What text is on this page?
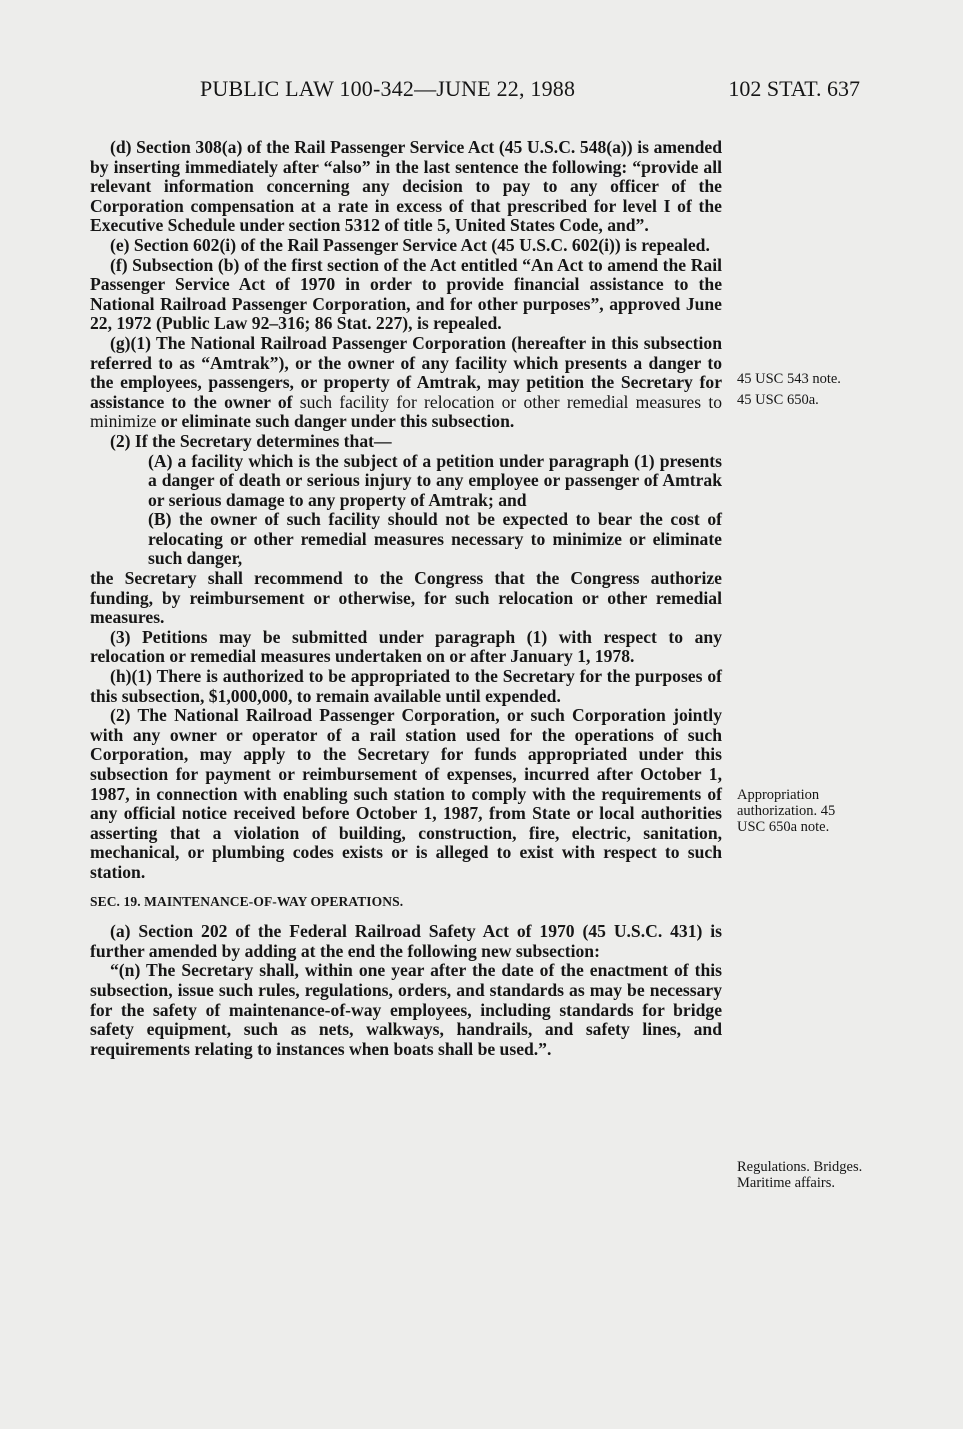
PUBLIC LAW 100-342—JUNE 22, 1988	102 STAT. 637

(d) Section 308(a) of the Rail Passenger Service Act (45 U.S.C. 548(a)) is amended by inserting immediately after “also” in the last sentence the following: “provide all relevant information concerning any decision to pay to any officer of the Corporation compensation at a rate in excess of that prescribed for level I of the Executive Schedule under section 5312 of title 5, United States Code, and”.

(e) Section 602(i) of the Rail Passenger Service Act (45 U.S.C. 602(i)) is repealed.

(f) Subsection (b) of the first section of the Act entitled “An Act to amend the Rail Passenger Service Act of 1970 in order to provide financial assistance to the National Railroad Passenger Corporation, and for other purposes”, approved June 22, 1972 (Public Law 92–316; 86 Stat. 227), is repealed.

(g)(1) The National Railroad Passenger Corporation (hereafter in this subsection referred to as “Amtrak”), or the owner of any facility which presents a danger to the employees, passengers, or property of Amtrak, may petition the Secretary for assistance to the owner of such facility for relocation or other remedial measures to minimize or eliminate such danger under this subsection.

(2) If the Secretary determines that—

(A) a facility which is the subject of a petition under paragraph (1) presents a danger of death or serious injury to any employee or passenger of Amtrak or serious damage to any property of Amtrak; and

(B) the owner of such facility should not be expected to bear the cost of relocating or other remedial measures necessary to minimize or eliminate such danger,

the Secretary shall recommend to the Congress that the Congress authorize funding, by reimbursement or otherwise, for such relocation or other remedial measures.

(3) Petitions may be submitted under paragraph (1) with respect to any relocation or remedial measures undertaken on or after January 1, 1978.

(h)(1) There is authorized to be appropriated to the Secretary for the purposes of this subsection, $1,000,000, to remain available until expended.

(2) The National Railroad Passenger Corporation, or such Corporation jointly with any owner or operator of a rail station used for the operations of such Corporation, may apply to the Secretary for funds appropriated under this subsection for payment or reimbursement of expenses, incurred after October 1, 1987, in connection with enabling such station to comply with the requirements of any official notice received before October 1, 1987, from State or local authorities asserting that a violation of building, construction, fire, electric, sanitation, mechanical, or plumbing codes exists or is alleged to exist with respect to such station.

SEC. 19. MAINTENANCE-OF-WAY OPERATIONS.

(a) Section 202 of the Federal Railroad Safety Act of 1970 (45 U.S.C. 431) is further amended by adding at the end the following new subsection:

“(n) The Secretary shall, within one year after the date of the enactment of this subsection, issue such rules, regulations, orders, and standards as may be necessary for the safety of maintenance-of-way employees, including standards for bridge safety equipment, such as nets, walkways, handrails, and safety lines, and requirements relating to instances when boats shall be used.”.

45 USC 543 note.

45 USC 650a.

Appropriation authorization. 45 USC 650a note.

Regulations. Bridges. Maritime affairs.
